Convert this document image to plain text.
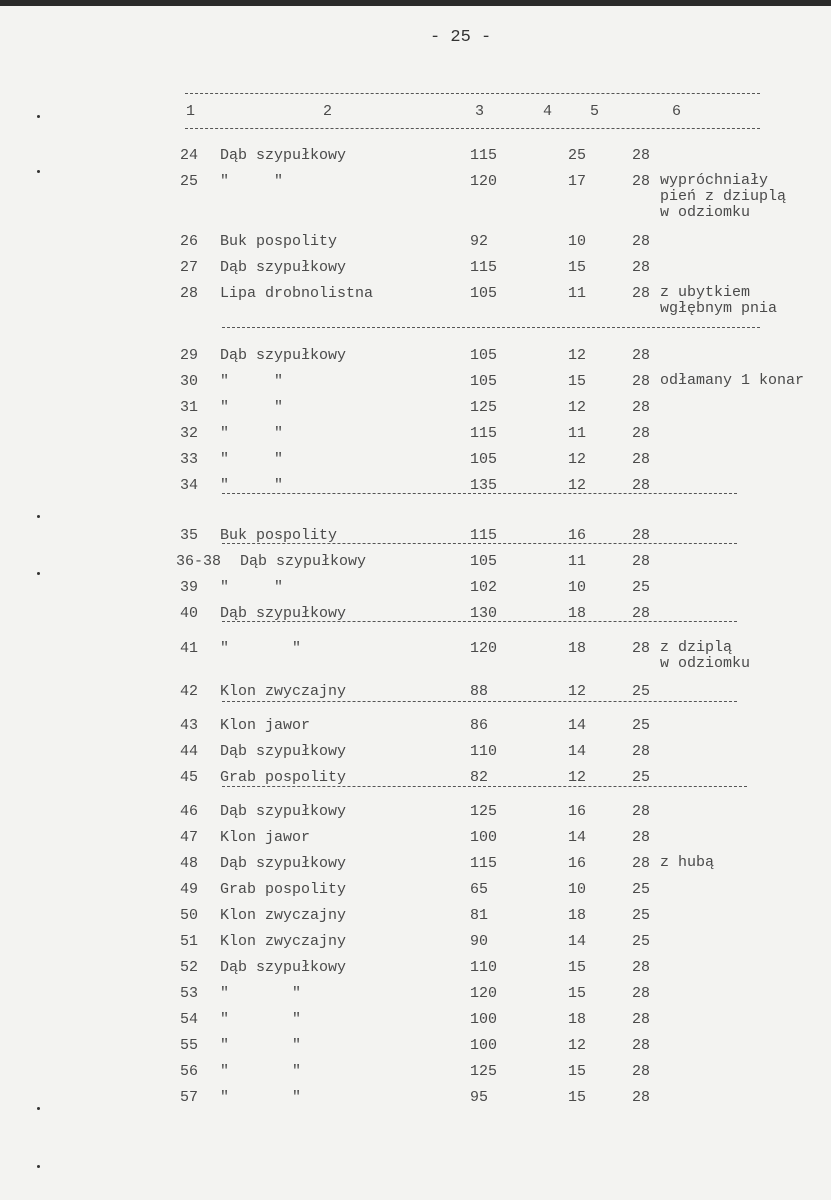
- 25 -
1	2	3	4	5	6
24 Dąb szypułkowy	115	25	28
25 "     "	120	17	28 wypróchniały
pień z dziuplą
w odziomku
26 Buk pospolity	92	10	28
27 Dąb szypułkowy	115	15	28
28 Lipa drobnolistna	105	11	28 z ubytkiem
wgłębnym pnia
29 Dąb szypułkowy	105	12	28
30 "     "	105	15	28 odłamany 1 konar
31 "     "	125	12	28
32 "     "	115	11	28
33 "     "	105	12	28
34 "     "	135	12	28
35 Buk pospolity	115	16	28
36-38 Dąb szypułkowy	105	11	28
39 "     "	102	10	25
40 Dąb szypułkowy	130	18	28
41 "       "	120	18	28 z dziplą
w odziomku
42 Klon zwyczajny	88	12	25
43 Klon jawor	86	14	25
44 Dąb szypułkowy	110	14	28
45 Grab pospolity	82	12	25
46 Dąb szypułkowy	125	16	28
47 Klon jawor	100	14	28
48 Dąb szypułkowy	115	16	28 z hubą
49 Grab pospolity	65	10	25
50 Klon zwyczajny	81	18	25
51 Klon zwyczajny	90	14	25
52 Dąb szypułkowy	110	15	28
53 "       "	120	15	28
54 "       "	100	18	28
55 "       "	100	12	28
56 "       "	125	15	28
57 "       "	95	15	28
